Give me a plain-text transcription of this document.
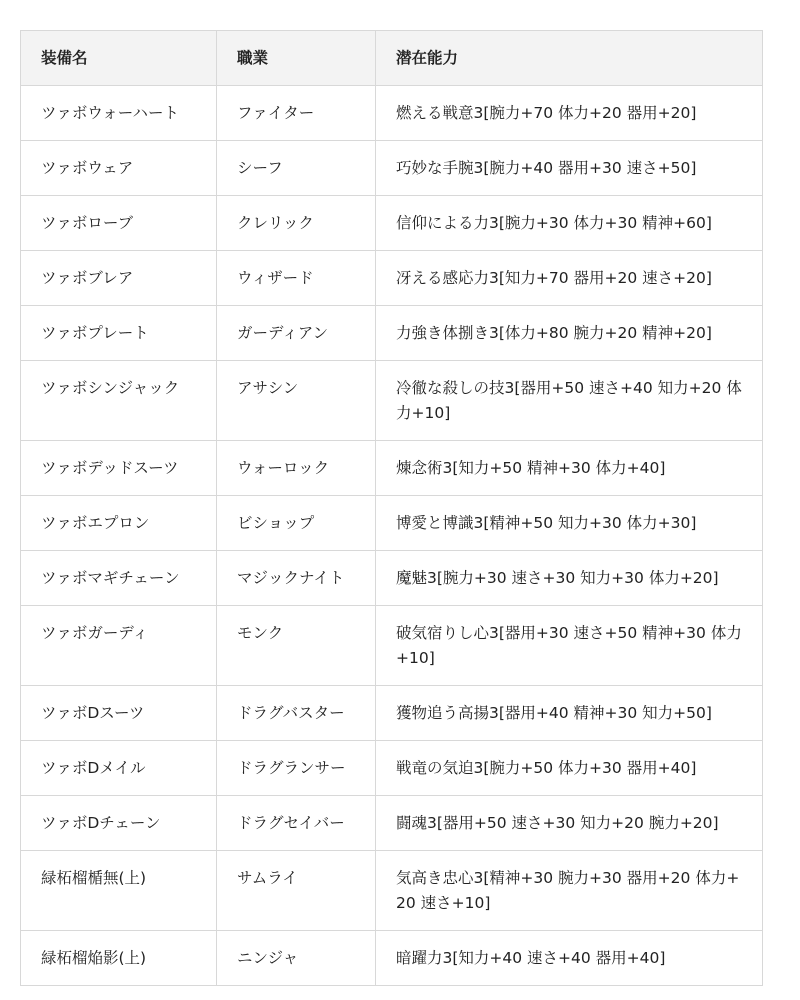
装備名	職業	潜在能力
ツァボウォーハート	ファイター	燃える戦意3[腕力+70 体力+20 器用+20]
ツァボウェア	シーフ	巧妙な手腕3[腕力+40 器用+30 速さ+50]
ツァボローブ	クレリック	信仰による力3[腕力+30 体力+30 精神+60]
ツァボブレア	ウィザード	冴える感応力3[知力+70 器用+20 速さ+20]
ツァボプレート	ガーディアン	力強き体捌き3[体力+80 腕力+20 精神+20]
ツァボシンジャック	アサシン	冷徹な殺しの技3[器用+50 速さ+40 知力+20 体力+10]
ツァボデッドスーツ	ウォーロック	煉念術3[知力+50 精神+30 体力+40]
ツァボエプロン	ビショップ	博愛と博識3[精神+50 知力+30 体力+30]
ツァボマギチェーン	マジックナイト	魔魅3[腕力+30 速さ+30 知力+30 体力+20]
ツァボガーディ	モンク	破気宿りし心3[器用+30 速さ+50 精神+30 体力+10]
ツァボDスーツ	ドラグバスター	獲物追う高揚3[器用+40 精神+30 知力+50]
ツァボDメイル	ドラグランサー	戦竜の気迫3[腕力+50 体力+30 器用+40]
ツァボDチェーン	ドラグセイバー	闘魂3[器用+50 速さ+30 知力+20 腕力+20]
緑柘榴楯無(上)	サムライ	気高き忠心3[精神+30 腕力+30 器用+20 体力+20 速さ+10]
緑柘榴焔影(上)	ニンジャ	暗躍力3[知力+40 速さ+40 器用+40]
